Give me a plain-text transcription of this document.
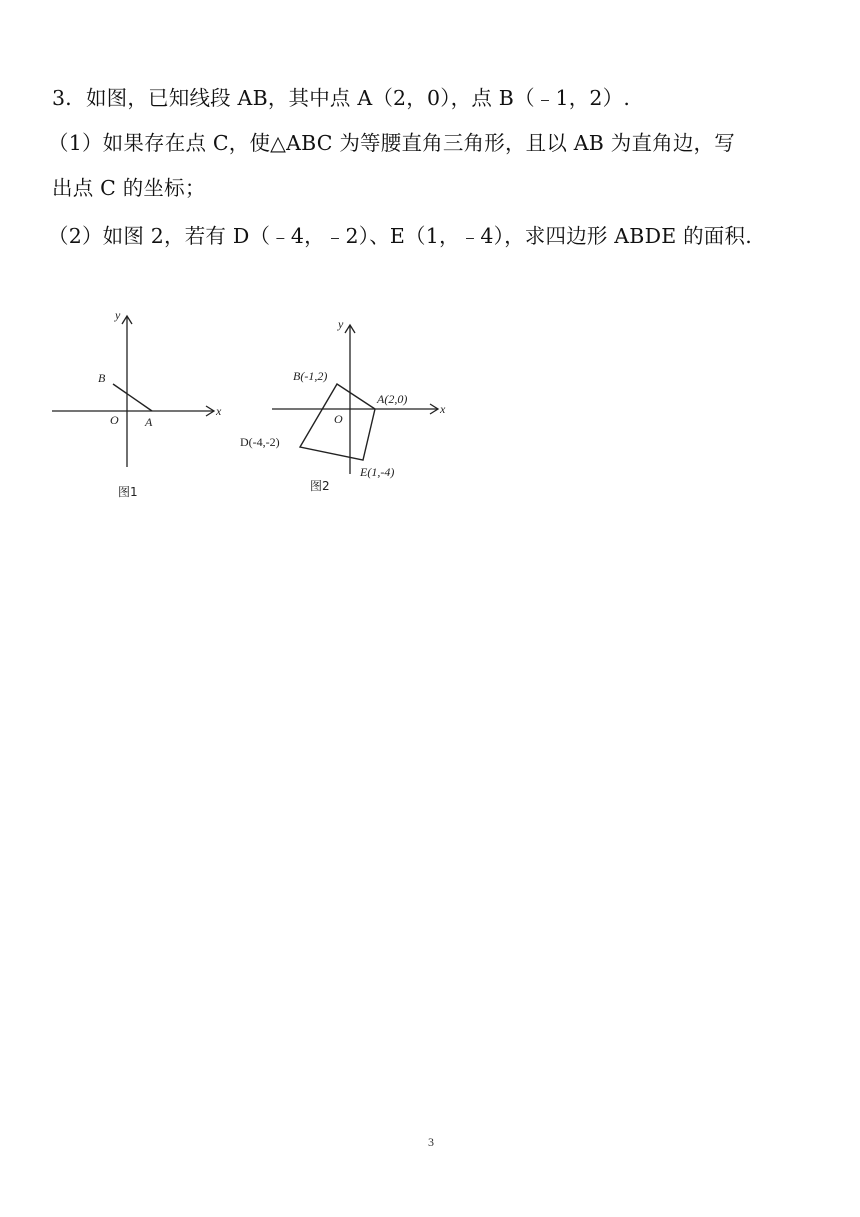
3．如图，已知线段 AB，其中点 A（2，0），点 B（﹣1，2）.
（1）如果存在点 C，使△ABC 为等腰直角三角形，且以 AB 为直角边，写
出点 C 的坐标；
（2）如图 2，若有 D（﹣4，﹣2）、E（1，﹣4），求四边形 ABDE 的面积.
x
y
O A
B
图1
x
y
O
A(2,0)
B(-1,2)
D(-4,-2)
E(1,-4)
图2
3
